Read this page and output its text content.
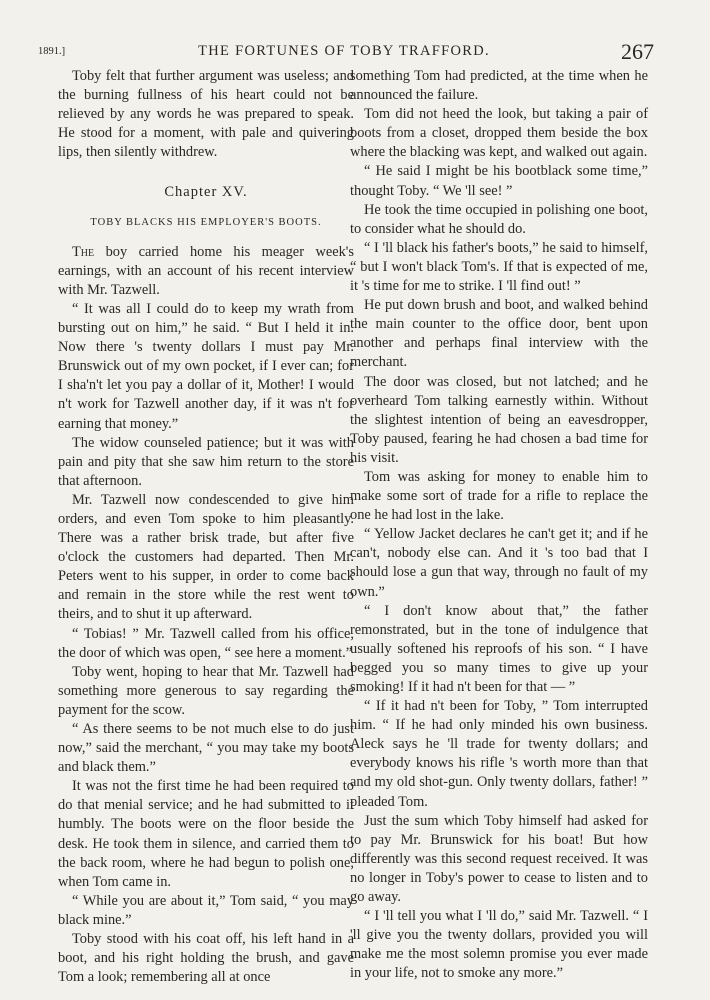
1891.]	THE FORTUNES OF TOBY TRAFFORD.	267

Toby felt that further argument was useless; and the burning fullness of his heart could not be relieved by any words he was prepared to speak. He stood for a moment, with pale and quivering lips, then silently withdrew.

Chapter XV.
TOBY BLACKS HIS EMPLOYER'S BOOTS.

The boy carried home his meager week's earnings, with an account of his recent interview with Mr. Tazwell.

“ It was all I could do to keep my wrath from bursting out on him,” he said. “ But I held it in. Now there 's twenty dollars I must pay Mr. Brunswick out of my own pocket, if I ever can; for I sha'n't let you pay a dollar of it, Mother! I would n't work for Tazwell another day, if it was n't for earning that money.”

The widow counseled patience; but it was with pain and pity that she saw him return to the store that afternoon.

Mr. Tazwell now condescended to give him orders, and even Tom spoke to him pleasantly. There was a rather brisk trade, but after five o'clock the customers had departed. Then Mr. Peters went to his supper, in order to come back and remain in the store while the rest went to theirs, and to shut it up afterward.

“ Tobias! ” Mr. Tazwell called from his office, the door of which was open, “ see here a moment.”

Toby went, hoping to hear that Mr. Tazwell had something more generous to say regarding the payment for the scow.

“ As there seems to be not much else to do just now,” said the merchant, “ you may take my boots and black them.”

It was not the first time he had been required to do that menial service; and he had submitted to it humbly. The boots were on the floor beside the desk. He took them in silence, and carried them to the back room, where he had begun to polish one, when Tom came in.

“ While you are about it,” Tom said, “ you may black mine.”

Toby stood with his coat off, his left hand in a boot, and his right holding the brush, and gave Tom a look; remembering all at once

something Tom had predicted, at the time when he announced the failure.

Tom did not heed the look, but taking a pair of boots from a closet, dropped them beside the box where the blacking was kept, and walked out again.

“ He said I might be his bootblack some time,” thought Toby. “ We 'll see! ”

He took the time occupied in polishing one boot, to consider what he should do.

“ I 'll black his father's boots,” he said to himself, “ but I won't black Tom's. If that is expected of me, it 's time for me to strike. I 'll find out! ”

He put down brush and boot, and walked behind the main counter to the office door, bent upon another and perhaps final interview with the merchant.

The door was closed, but not latched; and he overheard Tom talking earnestly within. Without the slightest intention of being an eavesdropper, Toby paused, fearing he had chosen a bad time for his visit.

Tom was asking for money to enable him to make some sort of trade for a rifle to replace the one he had lost in the lake.

“ Yellow Jacket declares he can't get it; and if he can't, nobody else can. And it 's too bad that I should lose a gun that way, through no fault of my own.”

“ I don't know about that,” the father remonstrated, but in the tone of indulgence that usually softened his reproofs of his son. “ I have begged you so many times to give up your smoking! If it had n't been for that — ”

“ If it had n't been for Toby, ” Tom interrupted him. “ If he had only minded his own business. Aleck says he 'll trade for twenty dollars; and everybody knows his rifle 's worth more than that and my old shot-gun. Only twenty dollars, father! ” pleaded Tom.

Just the sum which Toby himself had asked for to pay Mr. Brunswick for his boat! But how differently was this second request received. It was no longer in Toby's power to cease to listen and to go away.

“ I 'll tell you what I 'll do,” said Mr. Tazwell. “ I 'll give you the twenty dollars, provided you will make me the most solemn promise you ever made in your life, not to smoke any more.”
